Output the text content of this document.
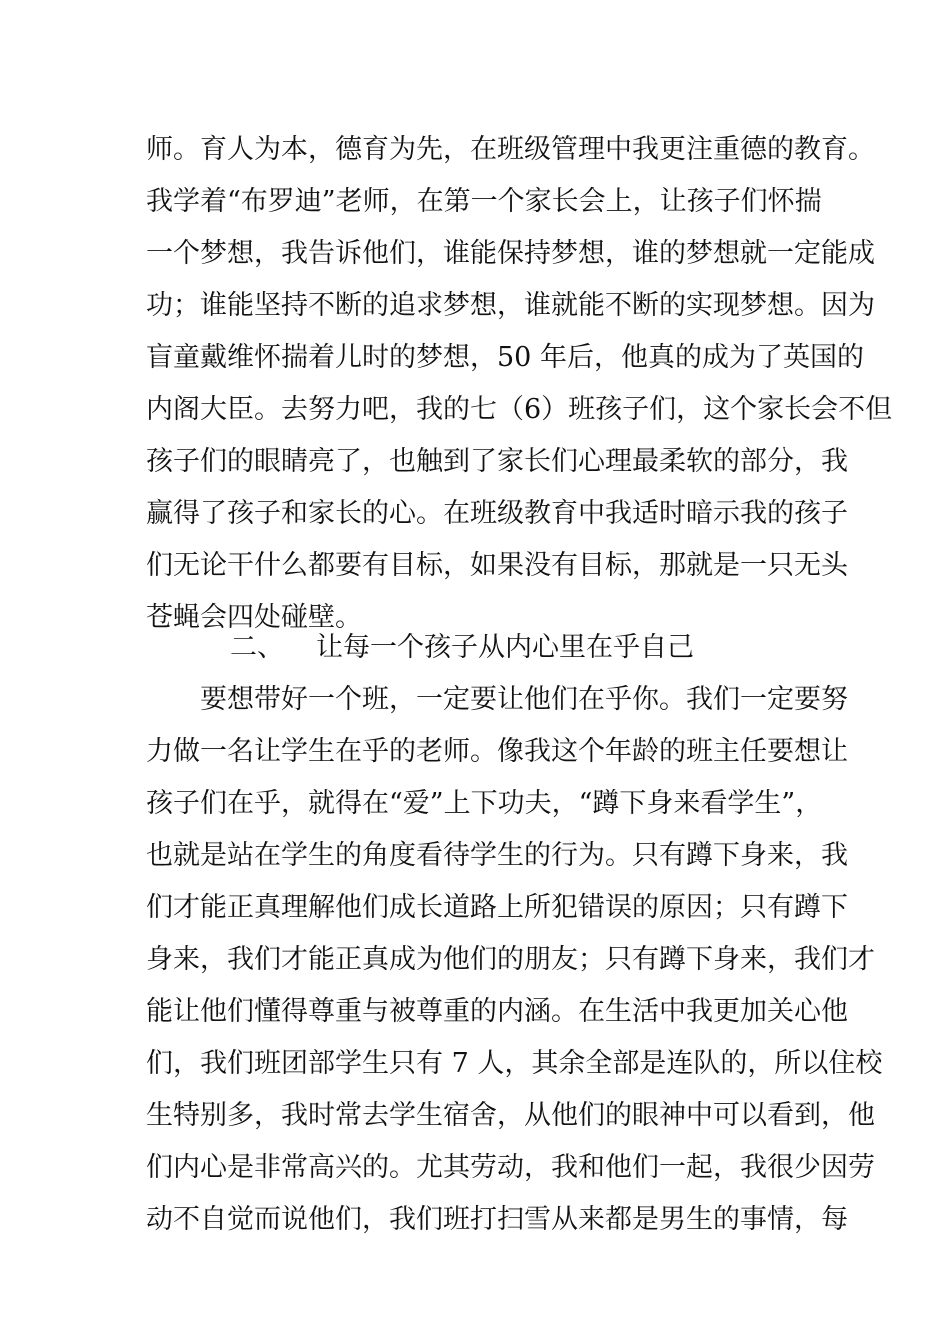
师。育人为本，德育为先，在班级管理中我更注重德的教育。
我学着“布罗迪”老师，在第一个家长会上，让孩子们怀揣
一个梦想，我告诉他们，谁能保持梦想，谁的梦想就一定能成
功；谁能坚持不断的追求梦想，谁就能不断的实现梦想。因为
盲童戴维怀揣着儿时的梦想，50 年后，他真的成为了英国的
内阁大臣。去努力吧，我的七（6）班孩子们，这个家长会不但
孩子们的眼睛亮了，也触到了家长们心理最柔软的部分，我
赢得了孩子和家长的心。在班级教育中我适时暗示我的孩子
们无论干什么都要有目标，如果没有目标，那就是一只无头
苍蝇会四处碰壁。
二、 让每一个孩子从内心里在乎自己
要想带好一个班，一定要让他们在乎你。我们一定要努
力做一名让学生在乎的老师。像我这个年龄的班主任要想让
孩子们在乎，就得在“爱”上下功夫，“蹲下身来看学生”，
也就是站在学生的角度看待学生的行为。只有蹲下身来，我
们才能正真理解他们成长道路上所犯错误的原因；只有蹲下
身来，我们才能正真成为他们的朋友；只有蹲下身来，我们才
能让他们懂得尊重与被尊重的内涵。在生活中我更加关心他
们，我们班团部学生只有 7 人，其余全部是连队的，所以住校
生特别多，我时常去学生宿舍，从他们的眼神中可以看到，他
们内心是非常高兴的。尤其劳动，我和他们一起，我很少因劳
动不自觉而说他们，我们班打扫雪从来都是男生的事情，每
